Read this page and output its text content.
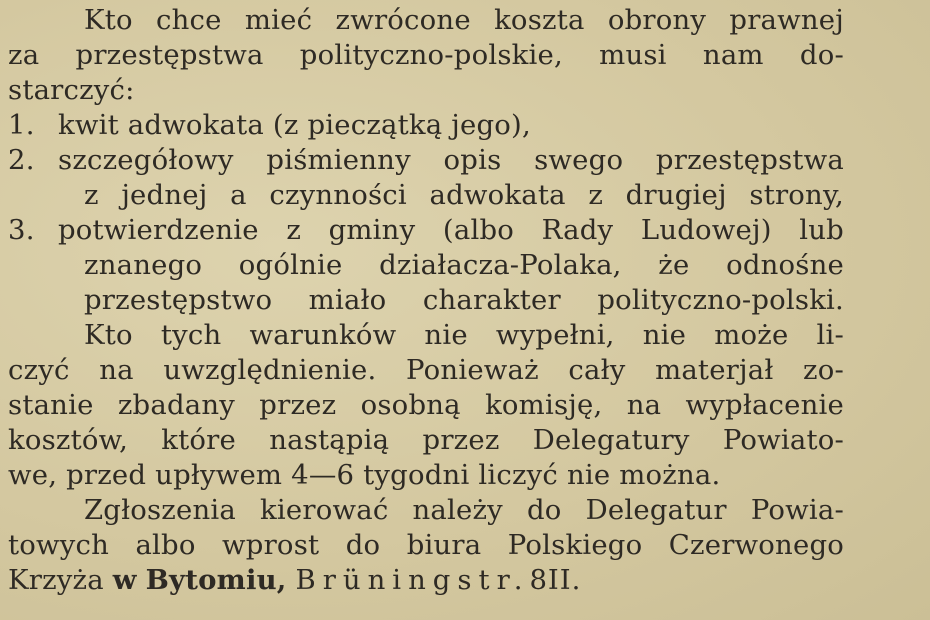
Kto chce mieć zwrócone koszta obrony prawnej
za przestępstwa polityczno-polskie, musi nam do-
starczyć:
1. kwit adwokata (z pieczątką jego),
2. szczegółowy piśmienny opis swego przestępstwa
z jednej a czynności adwokata z drugiej strony,
3. potwierdzenie z gminy (albo Rady Ludowej) lub
znanego ogólnie działacza-Polaka, że odnośne
przestępstwo miało charakter polityczno-polski.
Kto tych warunków nie wypełni, nie może li-
czyć na uwzględnienie. Ponieważ cały materjał zo-
stanie zbadany przez osobną komisję, na wypłacenie
kosztów, które nastąpią przez Delegatury Powiato-
we, przed upływem 4—6 tygodni liczyć nie można.
Zgłoszenia kierować należy do Delegatur Powia-
towych albo wprost do biura Polskiego Czerwonego
Krzyża w Bytomiu, Brüningstr.8II.
